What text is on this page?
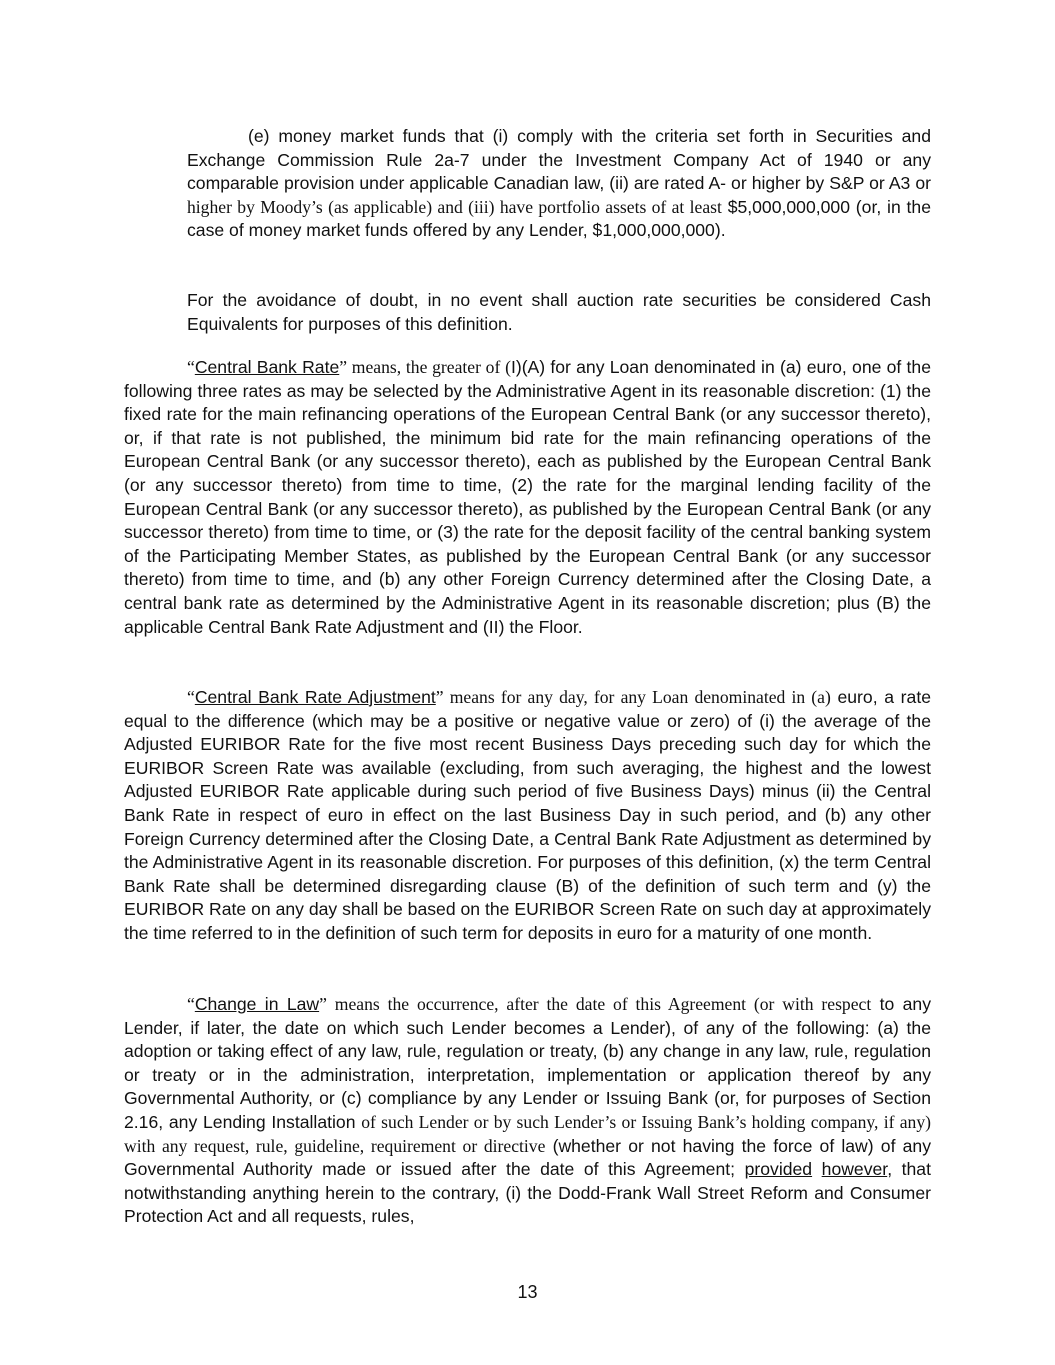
(e) money market funds that (i) comply with the criteria set forth in Securities and Exchange Commission Rule 2a-7 under the Investment Company Act of 1940 or any comparable provision under applicable Canadian law, (ii) are rated A- or higher by S&P or A3 or higher by Moody’s (as applicable) and (iii) have portfolio assets of at least $5,000,000,000 (or, in the case of money market funds offered by any Lender, $1,000,000,000).

For the avoidance of doubt, in no event shall auction rate securities be considered Cash Equivalents for purposes of this definition.

“Central Bank Rate” means, the greater of (I)(A) for any Loan denominated in (a) euro, one of the following three rates as may be selected by the Administrative Agent in its reasonable discretion: (1) the fixed rate for the main refinancing operations of the European Central Bank (or any successor thereto), or, if that rate is not published, the minimum bid rate for the main refinancing operations of the European Central Bank (or any successor thereto), each as published by the European Central Bank (or any successor thereto) from time to time, (2) the rate for the marginal lending facility of the European Central Bank (or any successor thereto), as published by the European Central Bank (or any successor thereto) from time to time, or (3) the rate for the deposit facility of the central banking system of the Participating Member States, as published by the European Central Bank (or any successor thereto) from time to time, and (b) any other Foreign Currency determined after the Closing Date, a central bank rate as determined by the Administrative Agent in its reasonable discretion; plus (B) the applicable Central Bank Rate Adjustment and (II) the Floor.

“Central Bank Rate Adjustment” means for any day, for any Loan denominated in (a) euro, a rate equal to the difference (which may be a positive or negative value or zero) of (i) the average of the Adjusted EURIBOR Rate for the five most recent Business Days preceding such day for which the EURIBOR Screen Rate was available (excluding, from such averaging, the highest and the lowest Adjusted EURIBOR Rate applicable during such period of five Business Days) minus (ii) the Central Bank Rate in respect of euro in effect on the last Business Day in such period, and (b) any other Foreign Currency determined after the Closing Date, a Central Bank Rate Adjustment as determined by the Administrative Agent in its reasonable discretion. For purposes of this definition, (x) the term Central Bank Rate shall be determined disregarding clause (B) of the definition of such term and (y) the EURIBOR Rate on any day shall be based on the EURIBOR Screen Rate on such day at approximately the time referred to in the definition of such term for deposits in euro for a maturity of one month.

“Change in Law” means the occurrence, after the date of this Agreement (or with respect to any Lender, if later, the date on which such Lender becomes a Lender), of any of the following: (a) the adoption or taking effect of any law, rule, regulation or treaty, (b) any change in any law, rule, regulation or treaty or in the administration, interpretation, implementation or application thereof by any Governmental Authority, or (c) compliance by any Lender or Issuing Bank (or, for purposes of Section 2.16, any Lending Installation of such Lender or by such Lender’s or Issuing Bank’s holding company, if any) with any request, rule, guideline, requirement or directive (whether or not having the force of law) of any Governmental Authority made or issued after the date of this Agreement; provided however, that notwithstanding anything herein to the contrary, (i) the Dodd-Frank Wall Street Reform and Consumer Protection Act and all requests, rules,

13
